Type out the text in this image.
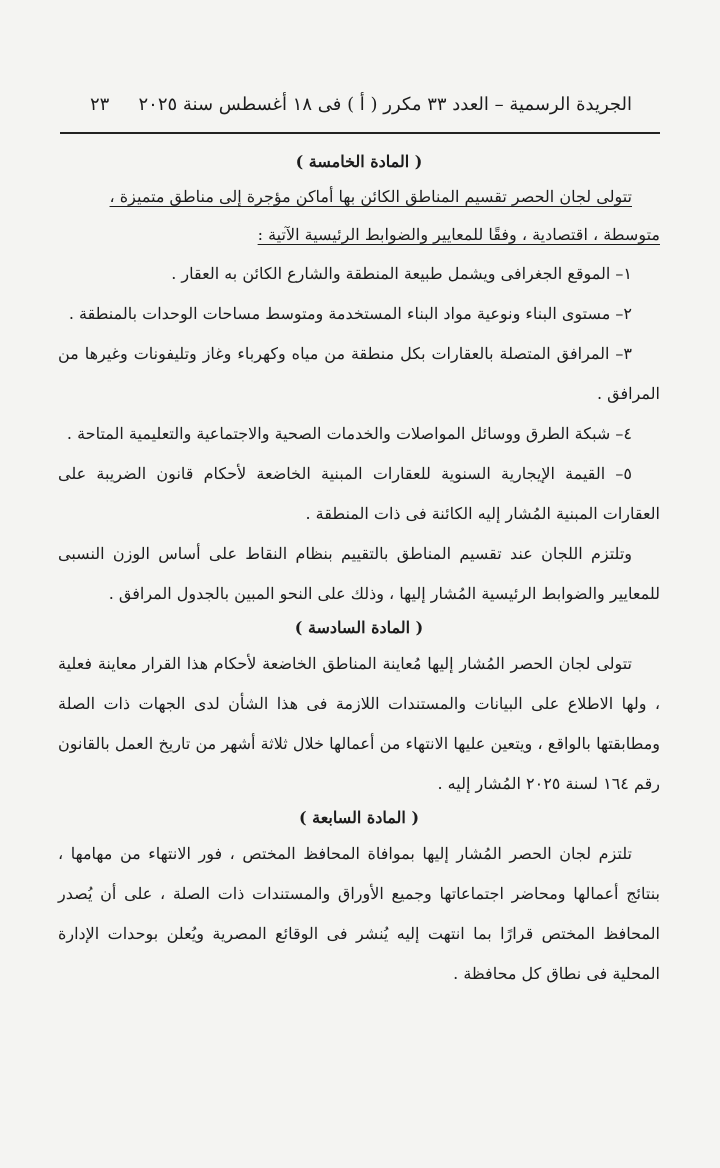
الجريدة الرسمية – العدد ٣٣ مكرر ( أ ) فى ١٨ أغسطس سنة ٢٠٢٥
٢٣
( المادة الخامسة )

تتولى لجان الحصر تقسيم المناطق الكائن بها أماكن مؤجرة إلى مناطق متميزة ،

متوسطة ، اقتصادية ، وفقًا للمعايير والضوابط الرئيسية الآتية :

١– الموقع الجغرافى ويشمل طبيعة المنطقة والشارع الكائن به العقار .

٢– مستوى البناء ونوعية مواد البناء المستخدمة ومتوسط مساحات الوحدات بالمنطقة .

٣– المرافق المتصلة بالعقارات بكل منطقة من مياه وكهرباء وغاز وتليفونات وغيرها من المرافق .

٤– شبكة الطرق ووسائل المواصلات والخدمات الصحية والاجتماعية والتعليمية المتاحة .

٥– القيمة الإيجارية السنوية للعقارات المبنية الخاضعة لأحكام قانون الضريبة على العقارات المبنية المُشار إليه الكائنة فى ذات المنطقة .

وتلتزم اللجان عند تقسيم المناطق بالتقييم بنظام النقاط على أساس الوزن النسبى للمعايير والضوابط الرئيسية المُشار إليها ، وذلك على النحو المبين بالجدول المرافق .

( المادة السادسة )

تتولى لجان الحصر المُشار إليها مُعاينة المناطق الخاضعة لأحكام هذا القرار معاينة فعلية ، ولها الاطلاع على البيانات والمستندات اللازمة فى هذا الشأن لدى الجهات ذات الصلة ومطابقتها بالواقع ، ويتعين عليها الانتهاء من أعمالها خلال ثلاثة أشهر من تاريخ العمل بالقانون رقم ١٦٤ لسنة ٢٠٢٥ المُشار إليه .

( المادة السابعة )

تلتزم لجان الحصر المُشار إليها بموافاة المحافظ المختص ، فور الانتهاء من مهامها ، بنتائج أعمالها ومحاضر اجتماعاتها وجميع الأوراق والمستندات ذات الصلة ، على أن يُصدر المحافظ المختص قرارًا بما انتهت إليه يُنشر فى الوقائع المصرية ويُعلن بوحدات الإدارة المحلية فى نطاق كل محافظة .
